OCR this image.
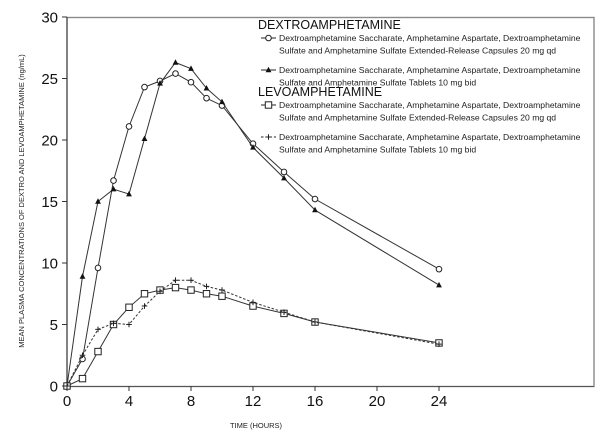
0
5
10
15
20
25
30
0	4	8	12	16	20	24
TIME (HOURS)
MEAN PLASMA CONCENTRATIONS OF DEXTRO AND LEVOAMPHETAMINE (ng/mL)
DEXTROAMPHETAMINE
Dextroamphetamine Saccharate, Amphetamine Aspartate, Dextroamphetamine
Sulfate and Amphetamine Sulfate Extended-Release Capsules 20 mg qd
Dextroamphetamine Saccharate, Amphetamine Aspartate, Dextroamphetamine
Sulfate and Amphetamine Sulfate Tablets 10 mg bid
LEVOAMPHETAMINE
Dextroamphetamine Saccharate, Amphetamine Aspartate, Dextroamphetamine
Sulfate and Amphetamine Sulfate Extended-Release Capsules 20 mg qd
Dextroamphetamine Saccharate, Amphetamine Aspartate, Dextroamphetamine
Sulfate and Amphetamine Sulfate Tablets 10 mg bid
